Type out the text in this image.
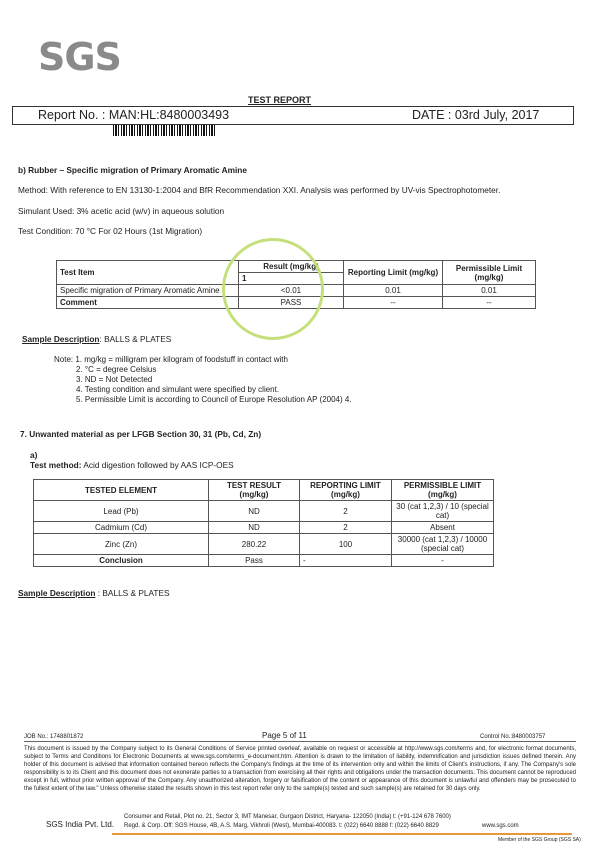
SGS
TEST REPORT
Report No. : MAN:HL:8480003493	DATE : 03rd July, 2017
b) Rubber – Specific migration of Primary Aromatic Amine
Method: With reference to EN 13130-1:2004 and BfR Recommendation XXI. Analysis was performed by UV-vis Spectrophotometer.
Simulant Used: 3% acetic acid (w/v) in aqueous solution
Test Condition: 70 °C For 02 Hours (1st Migration)
Test Item	Result (mg/kg)	Reporting Limit (mg/kg)	Permissible Limit (mg/kg)
	1		
Specific migration of Primary Aromatic Amine	<0.01	0.01	0.01
Comment	PASS	--	--
Sample Description: BALLS & PLATES
Note: 1. mg/kg = milligram per kilogram of foodstuff in contact with
2. °C = degree Celsius
3. ND = Not Detected
4. Testing condition and simulant were specified by client.
5. Permissible Limit is according to Council of Europe Resolution AP (2004) 4.
7. Unwanted material as per LFGB Section 30, 31 (Pb, Cd, Zn)
a)
Test method: Acid digestion followed by AAS ICP-OES
TESTED ELEMENT	TEST RESULT (mg/kg)	REPORTING LIMIT (mg/kg)	PERMISSIBLE LIMIT (mg/kg)
Lead (Pb)	ND	2	30 (cat 1,2,3) / 10 (special cat)
Cadmium (Cd)	ND	2	Absent
Zinc (Zn)	280.22	100	30000 (cat 1,2,3) / 10000 (special cat)
Conclusion	Pass	-	-
Sample Description : BALLS & PLATES
JOB No.: 1748801872	Page 5 of 11	Control No.:8480003757
This document is issued by the Company subject to its General Conditions of Service printed overleaf, available on request or accessible at http://www.sgs.com/terms and, for electronic format documents, subject to Terms and Conditions for Electronic Documents at www.sgs.com/terms_e-document.htm. Attention is drawn to the limitation of liability, indemnification and jurisdiction issues defined therein. Any holder of this document is advised that information contained hereon reflects the Company's findings at the time of its intervention only and within the limits of Client's instructions, if any. The Company's sole responsibility is to its Client and this document does not exonerate parties to a transaction from exercising all their rights and obligations under the transaction documents. This document cannot be reproduced except in full, without prior written approval of the Company. Any unauthorized alteration, forgery or falsification of the content or appearance of this document is unlawful and offenders may be prosecuted to the fullest extent of the law." Unless otherwise stated the results shown in this test report refer only to the sample(s) tested and such sample(s) are retained for 30 days only.
SGS India Pvt. Ltd.
Consumer and Retail, Plot no. 21, Sector 3, IMT Manesar, Gurgaon District, Haryana- 122050 (India) t: (+91-124 678 7600)
Regd. & Corp. Off: SGS House, 4B, A.S. Marg, Vikhroli (West), Mumbai-400083. t: (022) 6640 8888 f: (022) 6640 8829	www.sgs.com
Member of the SGS Group (SGS SA)
